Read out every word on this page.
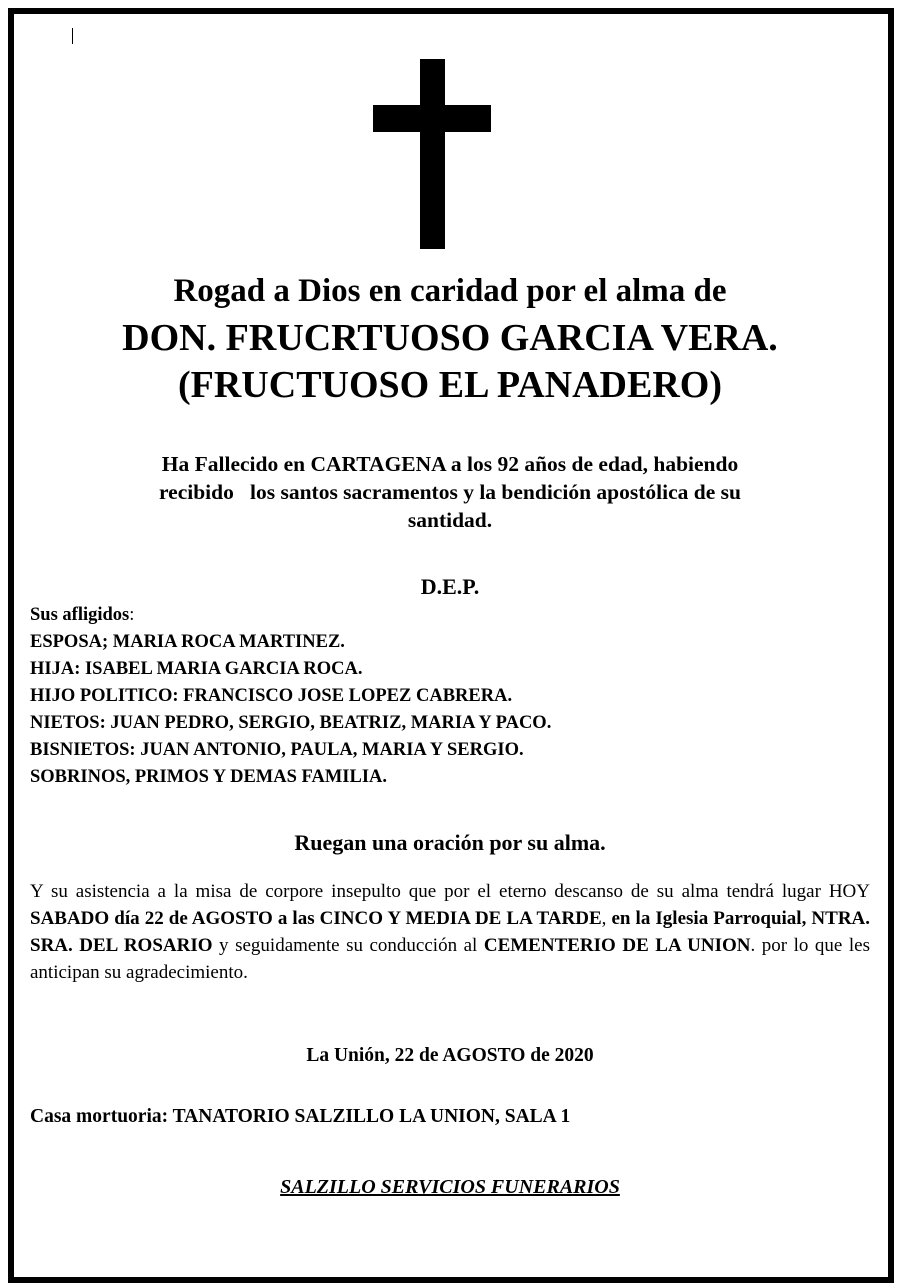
Rogad a Dios en caridad por el alma de
DON. FRUCRTUOSO GARCIA VERA.
(FRUCTUOSO EL PANADERO)
Ha Fallecido en CARTAGENA a los 92 años de edad, habiendo
recibido   los santos sacramentos y la bendición apostólica de su
santidad.
D.E.P.
Sus afligidos:
ESPOSA; MARIA ROCA MARTINEZ.
HIJA: ISABEL MARIA GARCIA ROCA.
HIJO POLITICO: FRANCISCO JOSE LOPEZ CABRERA.
NIETOS: JUAN PEDRO, SERGIO, BEATRIZ, MARIA Y PACO.
BISNIETOS: JUAN ANTONIO, PAULA, MARIA Y SERGIO.
SOBRINOS, PRIMOS Y DEMAS FAMILIA.
Ruegan una oración por su alma.
Y su asistencia a la misa de corpore insepulto que por el eterno descanso de su alma tendrá lugar HOY SABADO día 22 de AGOSTO a las CINCO Y MEDIA DE LA TARDE, en la Iglesia Parroquial, NTRA. SRA. DEL ROSARIO y seguidamente su conducción al CEMENTERIO DE LA UNION. por lo que les anticipan su agradecimiento.
La Unión, 22 de AGOSTO de 2020
Casa mortuoria: TANATORIO SALZILLO LA UNION, SALA 1
SALZILLO SERVICIOS FUNERARIOS
